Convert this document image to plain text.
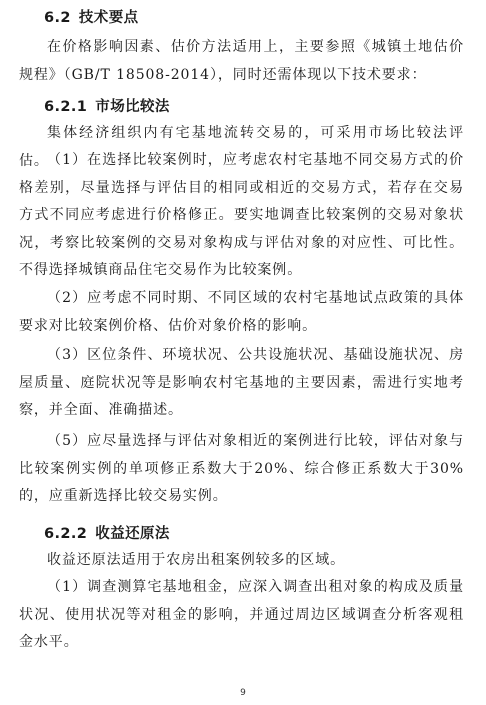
6.2 技术要点
在价格影响因素、估价方法适用上，主要参照《城镇土地估价规程》（GB/T 18508-2014），同时还需体现以下技术要求：
6.2.1 市场比较法
集体经济组织内有宅基地流转交易的，可采用市场比较法评估。
（1）在选择比较案例时，应考虑农村宅基地不同交易方式的价格差别，尽量选择与评估目的相同或相近的交易方式，若存在交易方式不同应考虑进行价格修正。要实地调查比较案例的交易对象状况，考察比较案例的交易对象构成与评估对象的对应性、可比性。不得选择城镇商品住宅交易作为比较案例。
（2）应考虑不同时期、不同区域的农村宅基地试点政策的具体要求对比较案例价格、估价对象价格的影响。
（3）区位条件、环境状况、公共设施状况、基础设施状况、房屋质量、庭院状况等是影响农村宅基地的主要因素，需进行实地考察，并全面、准确描述。
（5）应尽量选择与评估对象相近的案例进行比较，评估对象与比较案例实例的单项修正系数大于20%、综合修正系数大于30%的，应重新选择比较交易实例。
6.2.2 收益还原法
收益还原法适用于农房出租案例较多的区域。
（1）调查测算宅基地租金，应深入调查出租对象的构成及质量状况、使用状况等对租金的影响，并通过周边区域调查分析客观租金水平。
9
